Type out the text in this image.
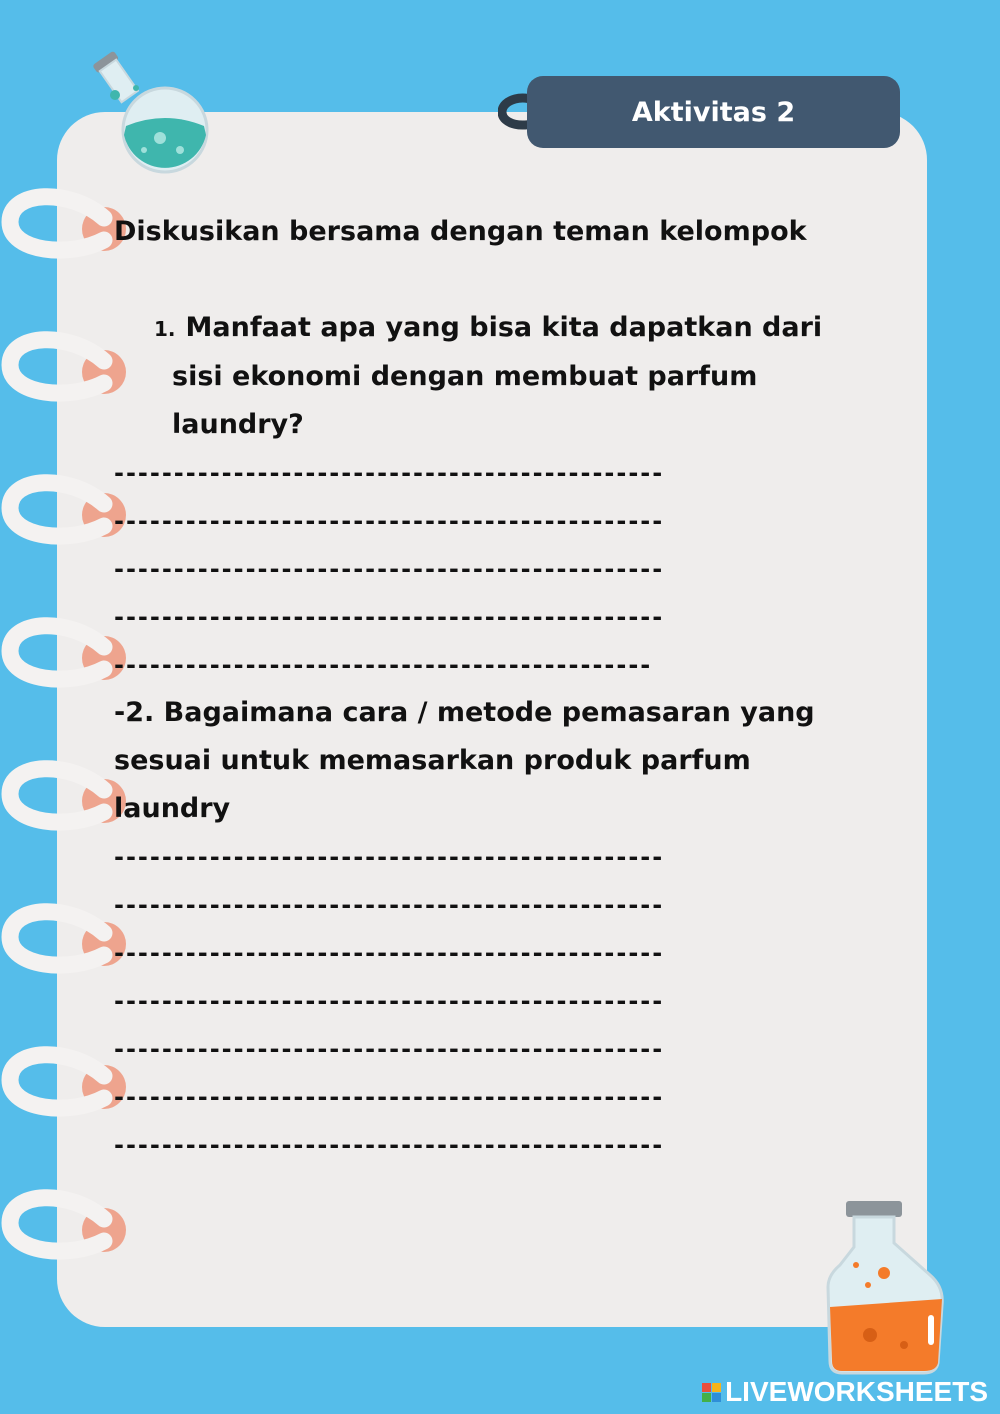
Aktivitas 2
Diskusikan bersama dengan teman kelompok
1. Manfaat apa yang bisa kita dapatkan dari
sisi ekonomi dengan membuat parfum
laundry?
----------------------------------------------
----------------------------------------------
----------------------------------------------
----------------------------------------------
---------------------------------------------
-2. Bagaimana cara / metode pemasaran yang
sesuai untuk memasarkan produk parfum
laundry
----------------------------------------------
----------------------------------------------
----------------------------------------------
----------------------------------------------
----------------------------------------------
----------------------------------------------
----------------------------------------------
LIVEWORKSHEETS
